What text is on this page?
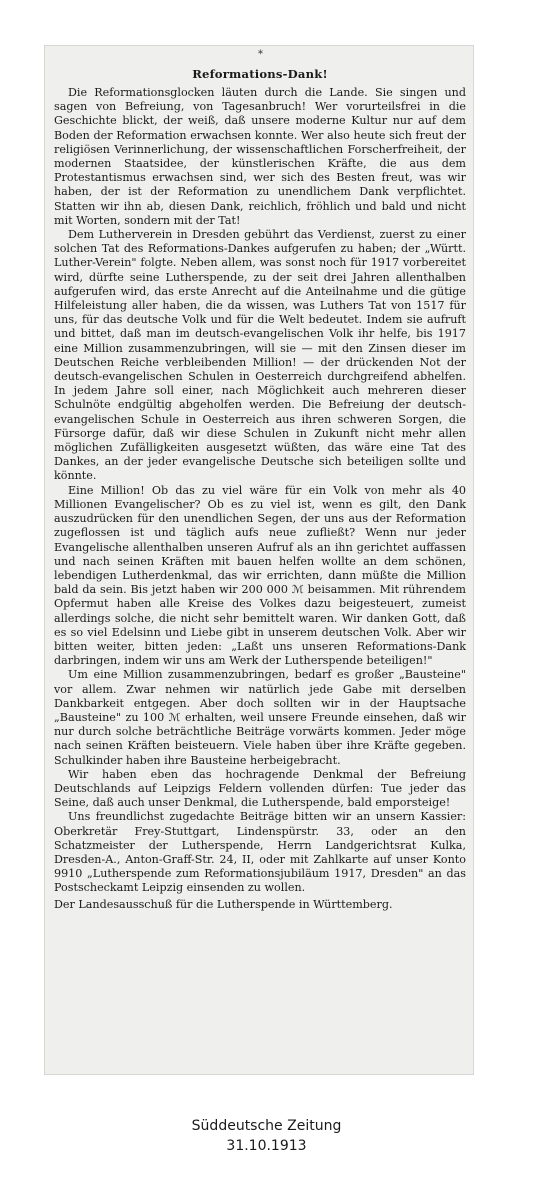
*
Reformations-Dank!

Die Reformationsglocken läuten durch die Lande. Sie singen und sagen von Befreiung, von Tagesanbruch! Wer vorurteilsfrei in die Geschichte blickt, der weiß, daß unsere moderne Kultur nur auf dem Boden der Reformation erwachsen konnte. Wer also heute sich freut der religiösen Verinnerlichung, der wissenschaftlichen Forscherfreiheit, der modernen Staatsidee, der künstlerischen Kräfte, die aus dem Protestantismus erwachsen sind, wer sich des Besten freut, was wir haben, der ist der Reformation zu unendlichem Dank verpflichtet. Statten wir ihn ab, diesen Dank, reichlich, fröhlich und bald und nicht mit Worten, sondern mit der Tat!

Dem Lutherverein in Dresden gebührt das Verdienst, zuerst zu einer solchen Tat des Reformations-Dankes aufgerufen zu haben; der „Württ. Luther-Verein" folgte. Neben allem, was sonst noch für 1917 vorbereitet wird, dürfte seine Lutherspende, zu der seit drei Jahren allenthalben aufgerufen wird, das erste Anrecht auf die Anteilnahme und die gütige Hilfeleistung aller haben, die da wissen, was Luthers Tat von 1517 für uns, für das deutsche Volk und für die Welt bedeutet. Indem sie aufruft und bittet, daß man im deutsch-evangelischen Volk ihr helfe, bis 1917 eine Million zusammenzubringen, will sie — mit den Zinsen dieser im Deutschen Reiche verbleibenden Million! — der drückenden Not der deutsch-evangelischen Schulen in Oesterreich durchgreifend abhelfen. In jedem Jahre soll einer, nach Möglichkeit auch mehreren dieser Schulnöte endgültig abgeholfen werden. Die Befreiung der deutsch-evangelischen Schule in Oesterreich aus ihren schweren Sorgen, die Fürsorge dafür, daß wir diese Schulen in Zukunft nicht mehr allen möglichen Zufälligkeiten ausgesetzt wüßten, das wäre eine Tat des Dankes, an der jeder evangelische Deutsche sich beteiligen sollte und könnte.

Eine Million! Ob das zu viel wäre für ein Volk von mehr als 40 Millionen Evangelischer? Ob es zu viel ist, wenn es gilt, den Dank auszudrücken für den unendlichen Segen, der uns aus der Reformation zugeflossen ist und täglich aufs neue zufließt? Wenn nur jeder Evangelische allenthalben unseren Aufruf als an ihn gerichtet auffassen und nach seinen Kräften mit bauen helfen wollte an dem schönen, lebendigen Lutherdenkmal, das wir errichten, dann müßte die Million bald da sein. Bis jetzt haben wir 200 000 ℳ beisammen. Mit rührendem Opfermut haben alle Kreise des Volkes dazu beigesteuert, zumeist allerdings solche, die nicht sehr bemittelt waren. Wir danken Gott, daß es so viel Edelsinn und Liebe gibt in unserem deutschen Volk. Aber wir bitten weiter, bitten jeden: „Laßt uns unseren Reformations-Dank darbringen, indem wir uns am Werk der Lutherspende beteiligen!"

Um eine Million zusammenzubringen, bedarf es großer „Bausteine" vor allem. Zwar nehmen wir natürlich jede Gabe mit derselben Dankbarkeit entgegen. Aber doch sollten wir in der Hauptsache „Bausteine" zu 100 ℳ erhalten, weil unsere Freunde einsehen, daß wir nur durch solche beträchtliche Beiträge vorwärts kommen. Jeder möge nach seinen Kräften beisteuern. Viele haben über ihre Kräfte gegeben. Schulkinder haben ihre Bausteine herbeigebracht.

Wir haben eben das hochragende Denkmal der Befreiung Deutschlands auf Leipzigs Feldern vollenden dürfen: Tue jeder das Seine, daß auch unser Denkmal, die Lutherspende, bald emporsteige!

Uns freundlichst zugedachte Beiträge bitten wir an unsern Kassier: Oberkretär Frey-Stuttgart, Lindenspürstr. 33, oder an den Schatzmeister der Lutherspende, Herrn Landgerichtsrat Kulka, Dresden-A., Anton-Graff-Str. 24, II, oder mit Zahlkarte auf unser Konto 9910 „Lutherspende zum Reformationsjubiläum 1917, Dresden" an das Postscheckamt Leipzig einsenden zu wollen.

Der Landesausschuß für die Lutherspende in Württemberg.

Süddeutsche Zeitung
31.10.1913
